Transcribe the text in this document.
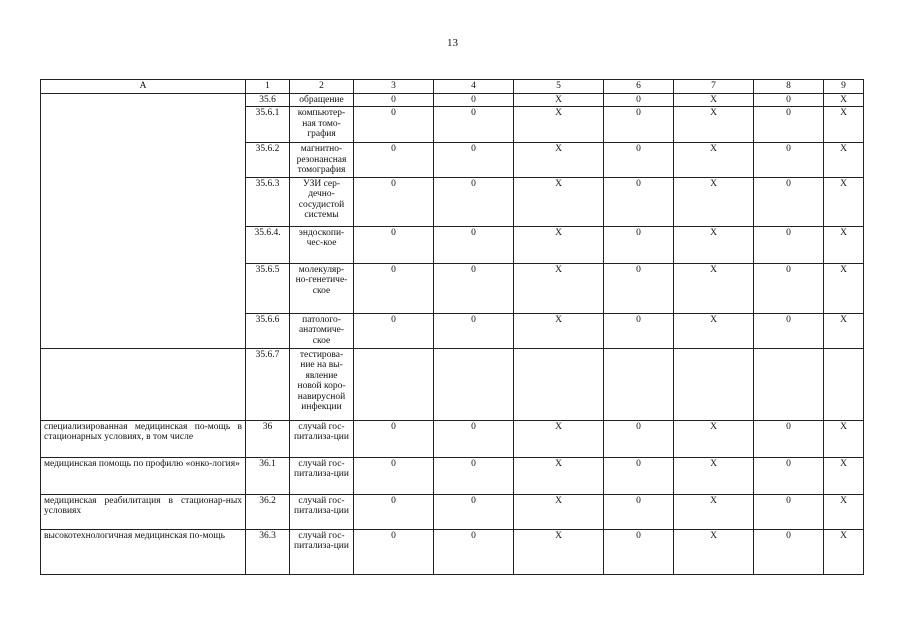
13
А	1	2	3	4	5	6	7	8	9
	35.6	обращение	0	0	Х	0	Х	0	Х
	35.6.1	компьютер-ная томо-графия	0	0	Х	0	Х	0	Х
	35.6.2	магнитно-резонансная томография	0	0	Х	0	Х	0	Х
	35.6.3	УЗИ сер-дечно-сосудистой системы	0	0	Х	0	Х	0	Х
	35.6.4.	эндоскопи-чес-кое	0	0	Х	0	Х	0	Х
	35.6.5	молекуляр-но-генетиче-ское	0	0	Х	0	Х	0	Х
	35.6.6	патолого-анатомиче-ское	0	0	Х	0	Х	0	Х
	35.6.7	тестирова-ние на вы-явление новой коро-навирусной инфекции							
специализированная медицинская по-мощь в стационарных условиях, в том числе	36	случай гос-питализа-ции	0	0	Х	0	Х	0	Х
медицинская помощь по профилю «онко-логия»	36.1	случай гос-питализа-ции	0	0	Х	0	Х	0	Х
медицинская реабилитация в стационар-ных условиях	36.2	случай гос-питализа-ции	0	0	Х	0	Х	0	Х
высокотехнологичная медицинская по-мощь	36.3	случай гос-питализа-ции	0	0	Х	0	Х	0	Х
